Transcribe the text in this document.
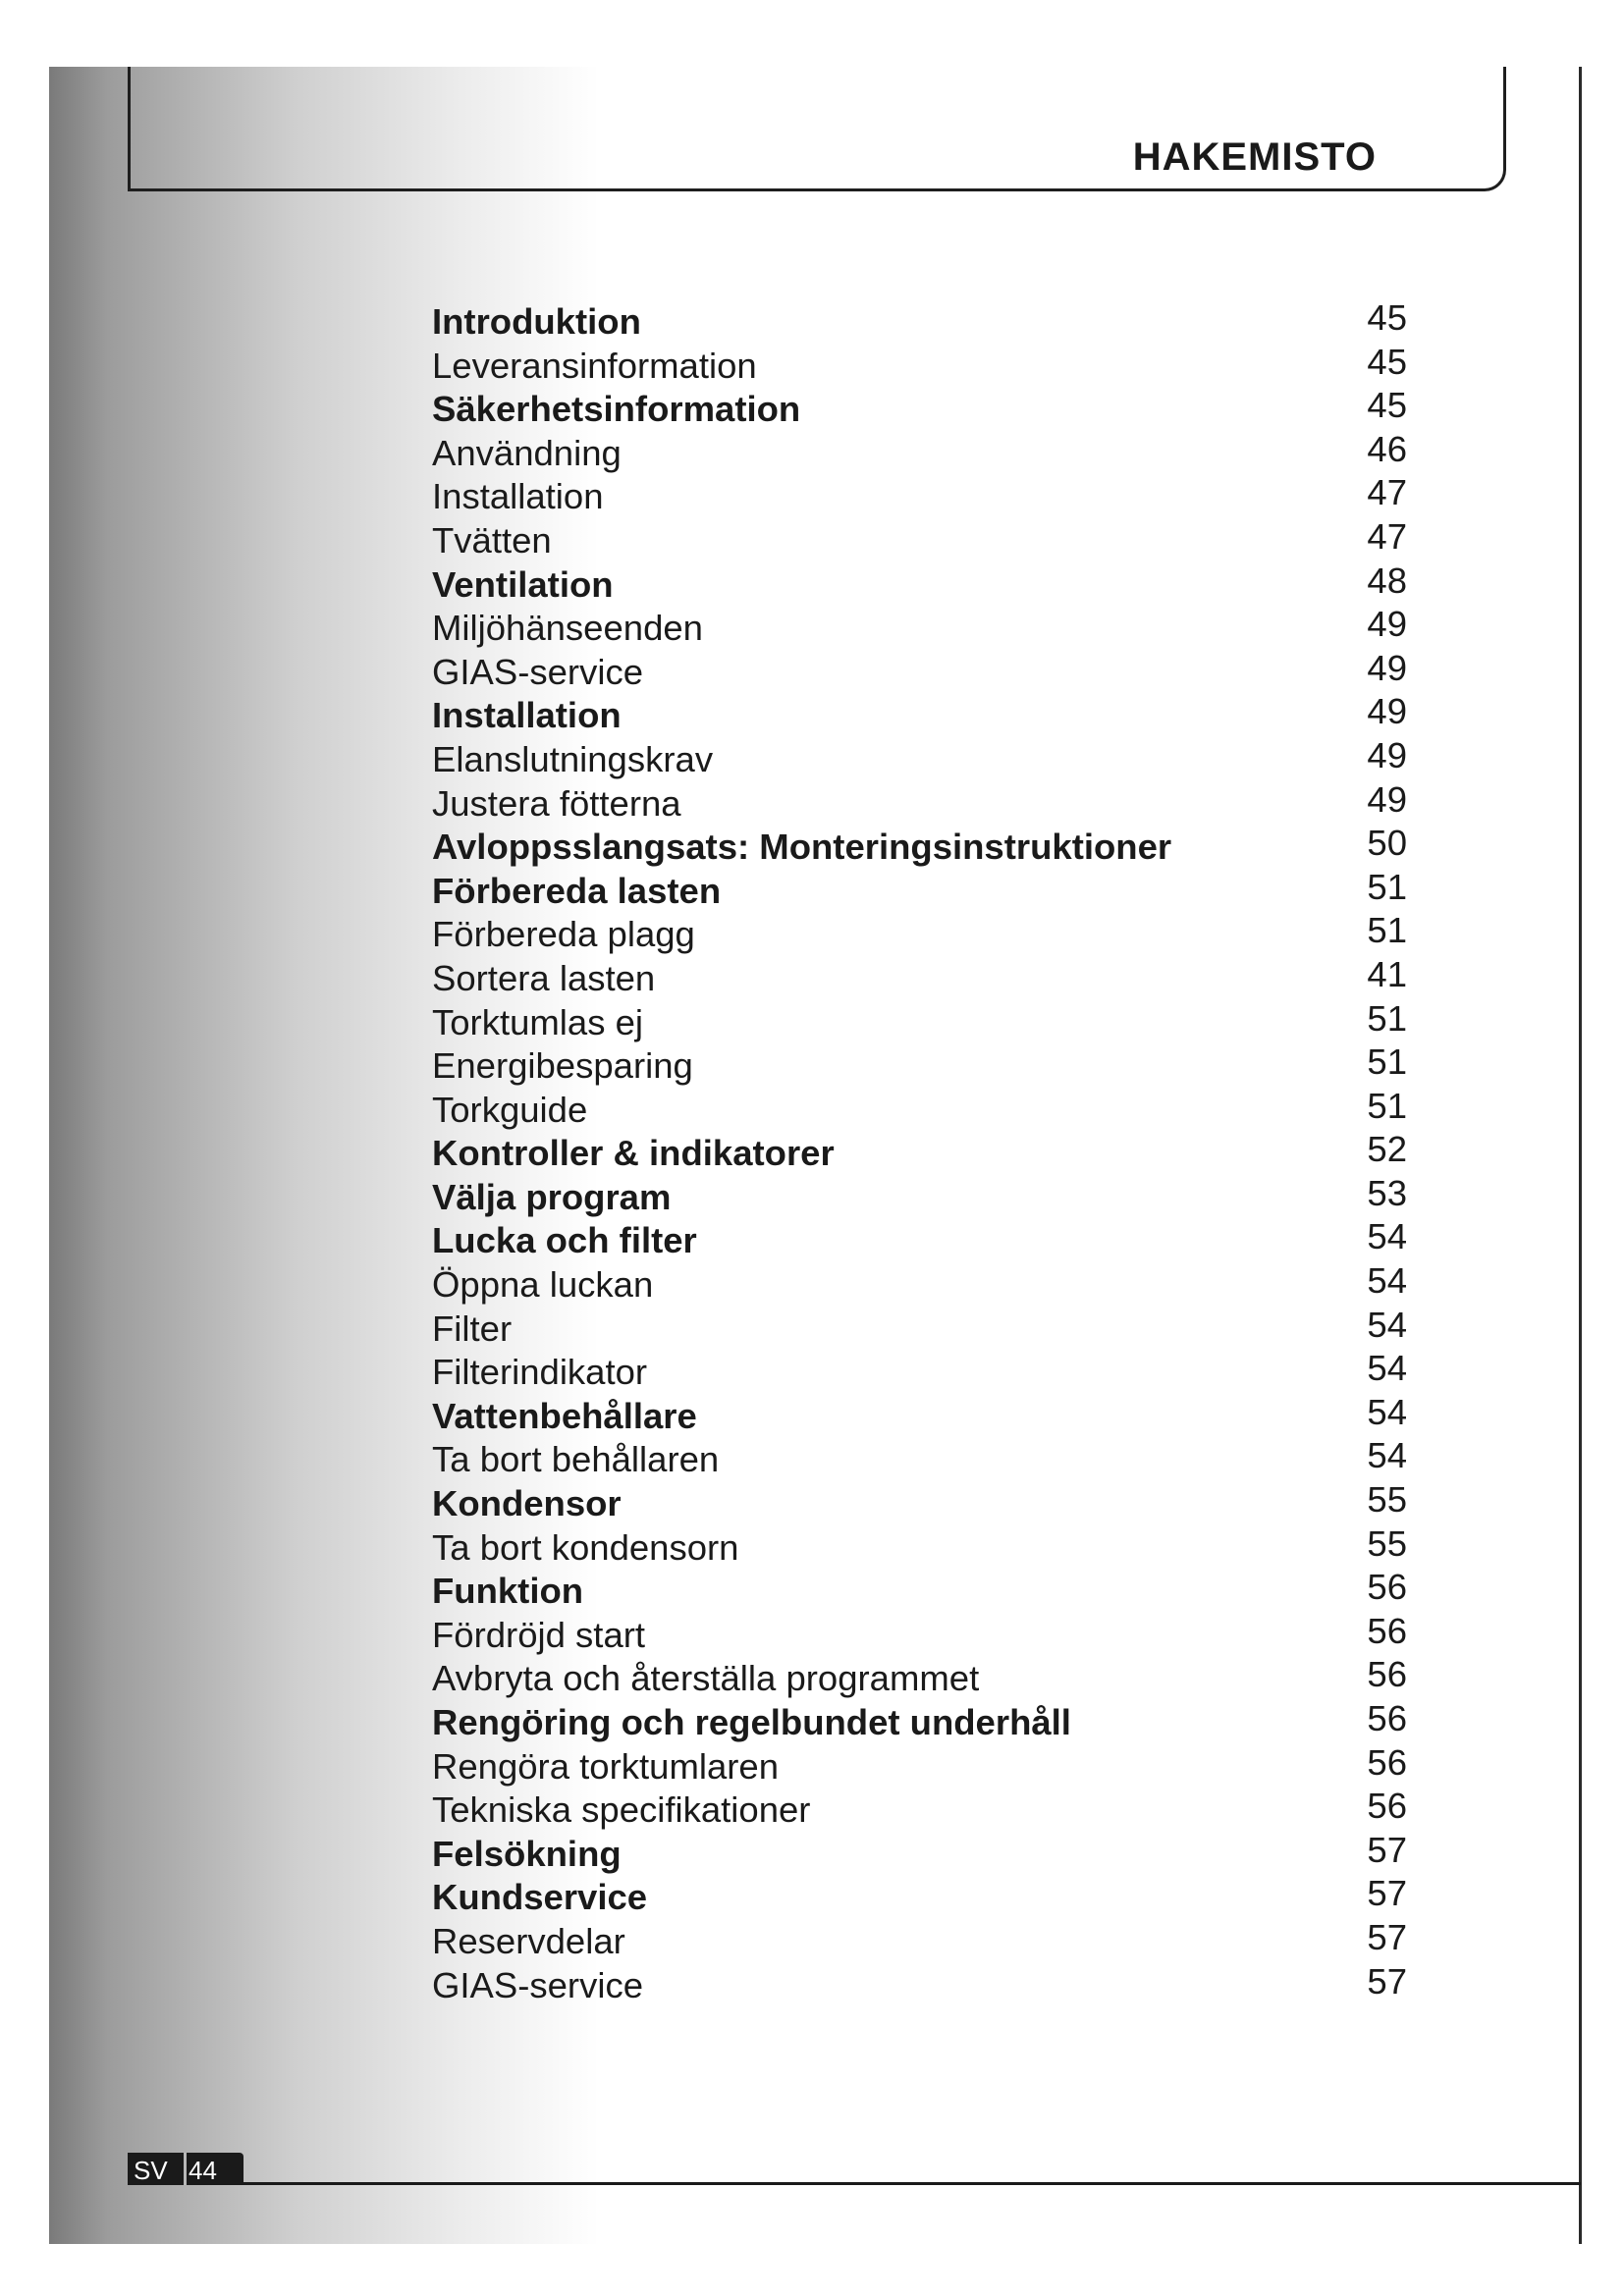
HAKEMISTO
Introduktion	45
Leveransinformation	45
Säkerhetsinformation	45
Användning	46
Installation	47
Tvätten	47
Ventilation	48
Miljöhänseenden	49
GIAS-service	49
Installation	49
Elanslutningskrav	49
Justera fötterna	49
Avloppsslangsats: Monteringsinstruktioner	50
Förbereda lasten	51
Förbereda plagg	51
Sortera lasten	41
Torktumlas ej	51
Energibesparing	51
Torkguide	51
Kontroller & indikatorer	52
Välja program	53
Lucka och filter	54
Öppna luckan	54
Filter	54
Filterindikator	54
Vattenbehållare	54
Ta bort behållaren	54
Kondensor	55
Ta bort kondensorn	55
Funktion	56
Fördröjd start	56
Avbryta och återställa programmet	56
Rengöring och regelbundet underhåll	56
Rengöra torktumlaren	56
Tekniska specifikationer	56
Felsökning	57
Kundservice	57
Reservdelar	57
GIAS-service	57
SV 44
